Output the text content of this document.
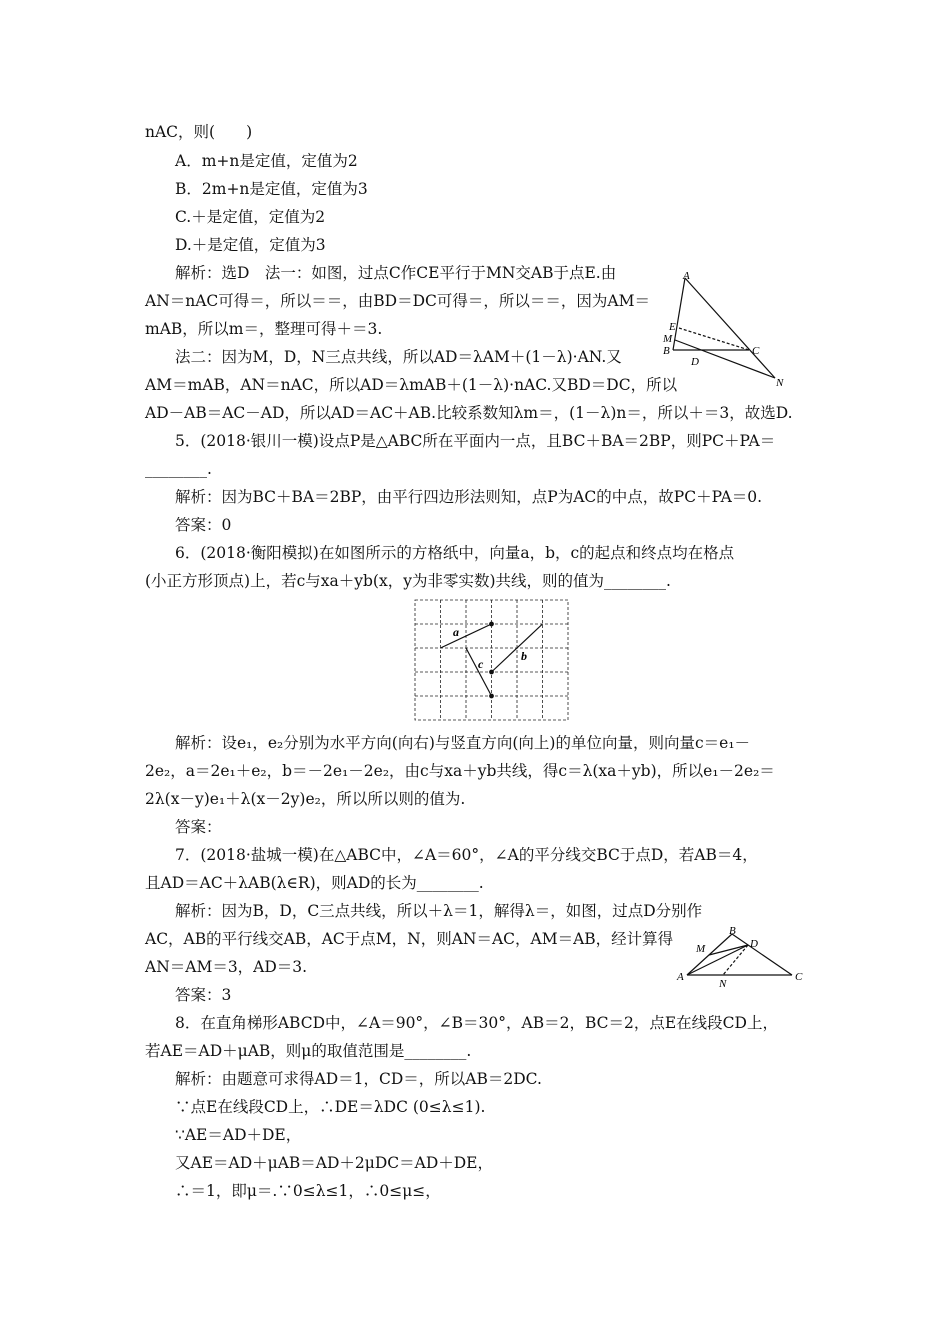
nAC，则(　　)
A．m+n是定值，定值为2
B．2m+n是定值，定值为3
C.＋是定值，定值为2
D.＋是定值，定值为3
解析：选D　法一：如图，过点C作CE平行于MN交AB于点E.由
AN＝nAC可得＝，所以＝＝，由BD＝DC可得＝，所以＝＝，因为AM＝
mAB，所以m＝，整理可得＋＝3.
法二：因为M，D，N三点共线，所以AD＝λAM＋(1－λ)·AN.又
AM＝mAB，AN＝nAC，所以AD＝λmAB＋(1－λ)·nAC.又BD＝DC，所以
AD－AB＝AC－AD，所以AD＝AC＋AB.比较系数知λm＝，(1－λ)n＝，所以＋＝3，故选D.
A
E
M
B
D
C
N
5．(2018·银川一模)设点P是△ABC所在平面内一点，且BC＋BA＝2BP，则PC＋PA＝
________.
解析：因为BC＋BA＝2BP，由平行四边形法则知，点P为AC的中点，故PC＋PA＝0.
答案：0
6．(2018·衡阳模拟)在如图所示的方格纸中，向量a，b，c的起点和终点均在格点
(小正方形顶点)上，若c与xa＋yb(x，y为非零实数)共线，则的值为________.
a
b
c
解析：设e₁，e₂分别为水平方向(向右)与竖直方向(向上)的单位向量，则向量c＝e₁－
2e₂，a＝2e₁＋e₂，b＝－2e₁－2e₂，由c与xa＋yb共线，得c＝λ(xa＋yb)，所以e₁－2e₂＝
2λ(x－y)e₁＋λ(x－2y)e₂，所以所以则的值为.
答案：
7．(2018·盐城一模)在△ABC中，∠A＝60°，∠A的平分线交BC于点D，若AB＝4，
且AD＝AC＋λAB(λ∈R)，则AD的长为________.
解析：因为B，D，C三点共线，所以＋λ＝1，解得λ＝，如图，过点D分别作
AC，AB的平行线交AB，AC于点M，N，则AN＝AC，AM＝AB，经计算得
AN＝AM＝3，AD＝3.
答案：3
B
M	D
A
N
C
8．在直角梯形ABCD中，∠A＝90°，∠B＝30°，AB＝2，BC＝2，点E在线段CD上，
若AE＝AD＋μAB，则μ的取值范围是________.
解析：由题意可求得AD＝1，CD＝，所以AB＝2DC.
∵点E在线段CD上，∴DE＝λDC (0≤λ≤1).
∵AE＝AD＋DE，
又AE＝AD＋μAB＝AD＋2μDC＝AD＋DE，
∴＝1，即μ＝.∵0≤λ≤1，∴0≤μ≤，
